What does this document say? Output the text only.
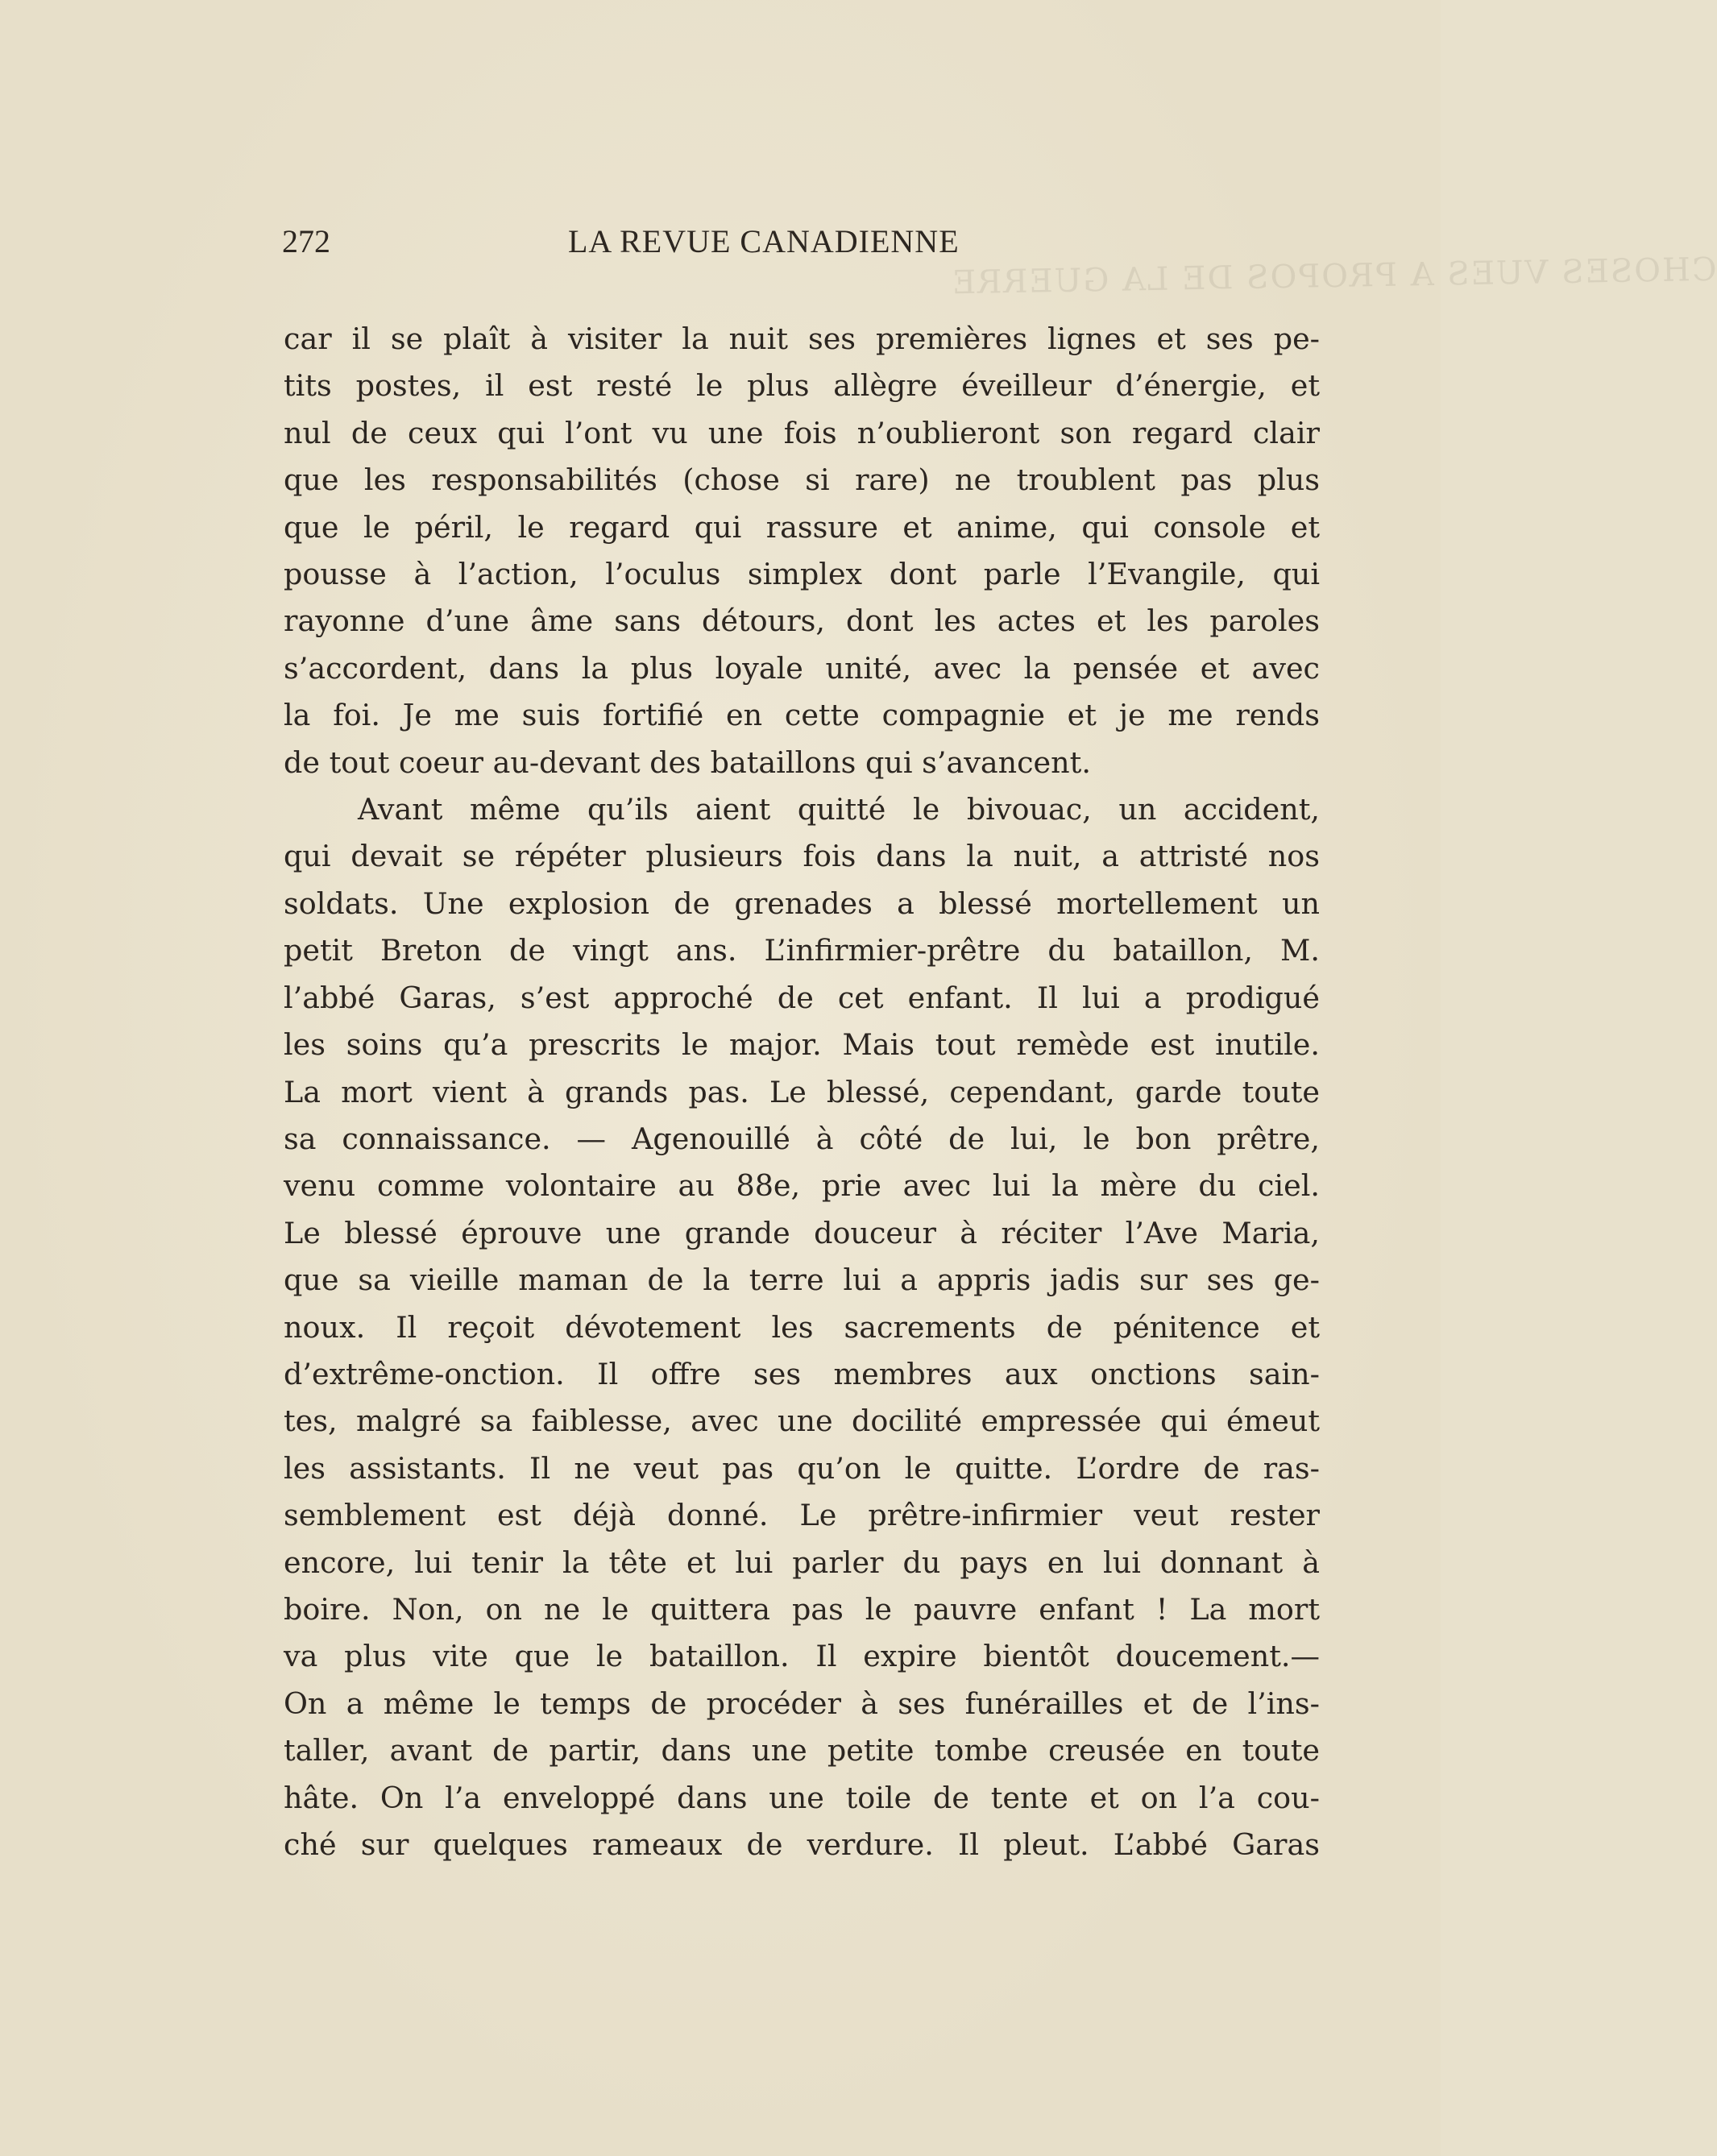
CHOSES VUES A PROPOS DE LA GUERRE
272	LA REVUE CANADIENNE
car il se plaît à visiter la nuit ses premières lignes et ses pe-
tits postes, il est resté le plus allègre éveilleur d’énergie, et
nul de ceux qui l’ont vu une fois n’oublieront son regard clair
que les responsabilités (chose si rare) ne troublent pas plus
que le péril, le regard qui rassure et anime, qui console et
pousse à l’action, l’oculus simplex dont parle l’Evangile, qui
rayonne d’une âme sans détours, dont les actes et les paroles
s’accordent, dans la plus loyale unité, avec la pensée et avec
la foi. Je me suis fortifié en cette compagnie et je me rends
de tout coeur au-devant des bataillons qui s’avancent.
Avant même qu’ils aient quitté le bivouac, un accident,
qui devait se répéter plusieurs fois dans la nuit, a attristé nos
soldats. Une explosion de grenades a blessé mortellement un
petit Breton de vingt ans. L’infirmier-prêtre du bataillon, M.
l’abbé Garas, s’est approché de cet enfant. Il lui a prodigué
les soins qu’a prescrits le major. Mais tout remède est inutile.
La mort vient à grands pas. Le blessé, cependant, garde toute
sa connaissance. — Agenouillé à côté de lui, le bon prêtre,
venu comme volontaire au 88e, prie avec lui la mère du ciel.
Le blessé éprouve une grande douceur à réciter l’Ave Maria,
que sa vieille maman de la terre lui a appris jadis sur ses ge-
noux. Il reçoit dévotement les sacrements de pénitence et
d’extrême-onction. Il offre ses membres aux onctions sain-
tes, malgré sa faiblesse, avec une docilité empressée qui émeut
les assistants. Il ne veut pas qu’on le quitte. L’ordre de ras-
semblement est déjà donné. Le prêtre-infirmier veut rester
encore, lui tenir la tête et lui parler du pays en lui donnant à
boire. Non, on ne le quittera pas le pauvre enfant ! La mort
va plus vite que le bataillon. Il expire bientôt doucement.—
On a même le temps de procéder à ses funérailles et de l’ins-
taller, avant de partir, dans une petite tombe creusée en toute
hâte. On l’a enveloppé dans une toile de tente et on l’a cou-
ché sur quelques rameaux de verdure. Il pleut. L’abbé Garas
